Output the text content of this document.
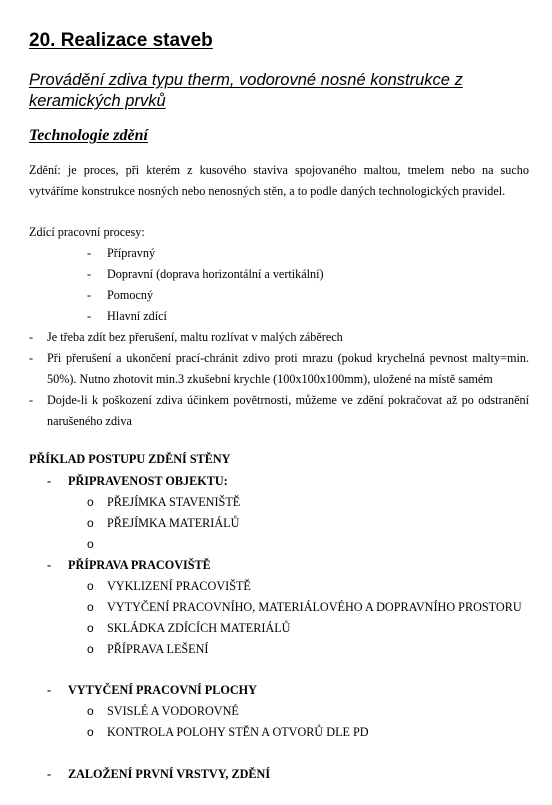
20. Realizace staveb
Provádění zdiva typu therm, vodorovné nosné konstrukce z keramických prvků
Technologie zdění
Zdění: je proces, při kterém z kusového staviva spojovaného maltou, tmelem nebo na sucho vytváříme konstrukce nosných nebo nenosných stěn, a to podle daných technologických pravidel.
Zdící pracovní procesy:
- Přípravný
- Dopravní (doprava horizontální a vertikální)
- Pomocný
- Hlavní zdící
- Je třeba zdít bez přerušení, maltu rozlívat v malých záběrech
- Při přerušení a ukončení prací-chránit zdivo proti mrazu (pokud krychelná pevnost malty=min. 50%). Nutno zhotovit min.3 zkušební krychle (100x100x100mm), uložené na místě samém
- Dojde-li k poškození zdiva účinkem povětrnosti, můžeme ve zdění pokračovat až po odstranění narušeného zdiva
PŘÍKLAD POSTUPU ZDĚNÍ STĚNY
- PŘIPRAVENOST OBJEKTU:
o PŘEJÍMKA STAVENIŠTĚ
o PŘEJÍMKA MATERIÁLŮ
o
- PŘÍPRAVA PRACOVIŠTĚ
o VYKLIZENÍ PRACOVIŠTĚ
o VYTYČENÍ PRACOVNÍHO, MATERIÁLOVÉHO A DOPRAVNÍHO PROSTORU
o SKLÁDKA ZDÍCÍCH MATERIÁLŮ
o PŘÍPRAVA LEŠENÍ
- VYTYČENÍ PRACOVNÍ PLOCHY
o SVISLÉ A VODOROVNÉ
o KONTROLA POLOHY STĚN A OTVORŮ DLE PD
- ZALOŽENÍ PRVNÍ VRSTVY, ZDĚNÍ
